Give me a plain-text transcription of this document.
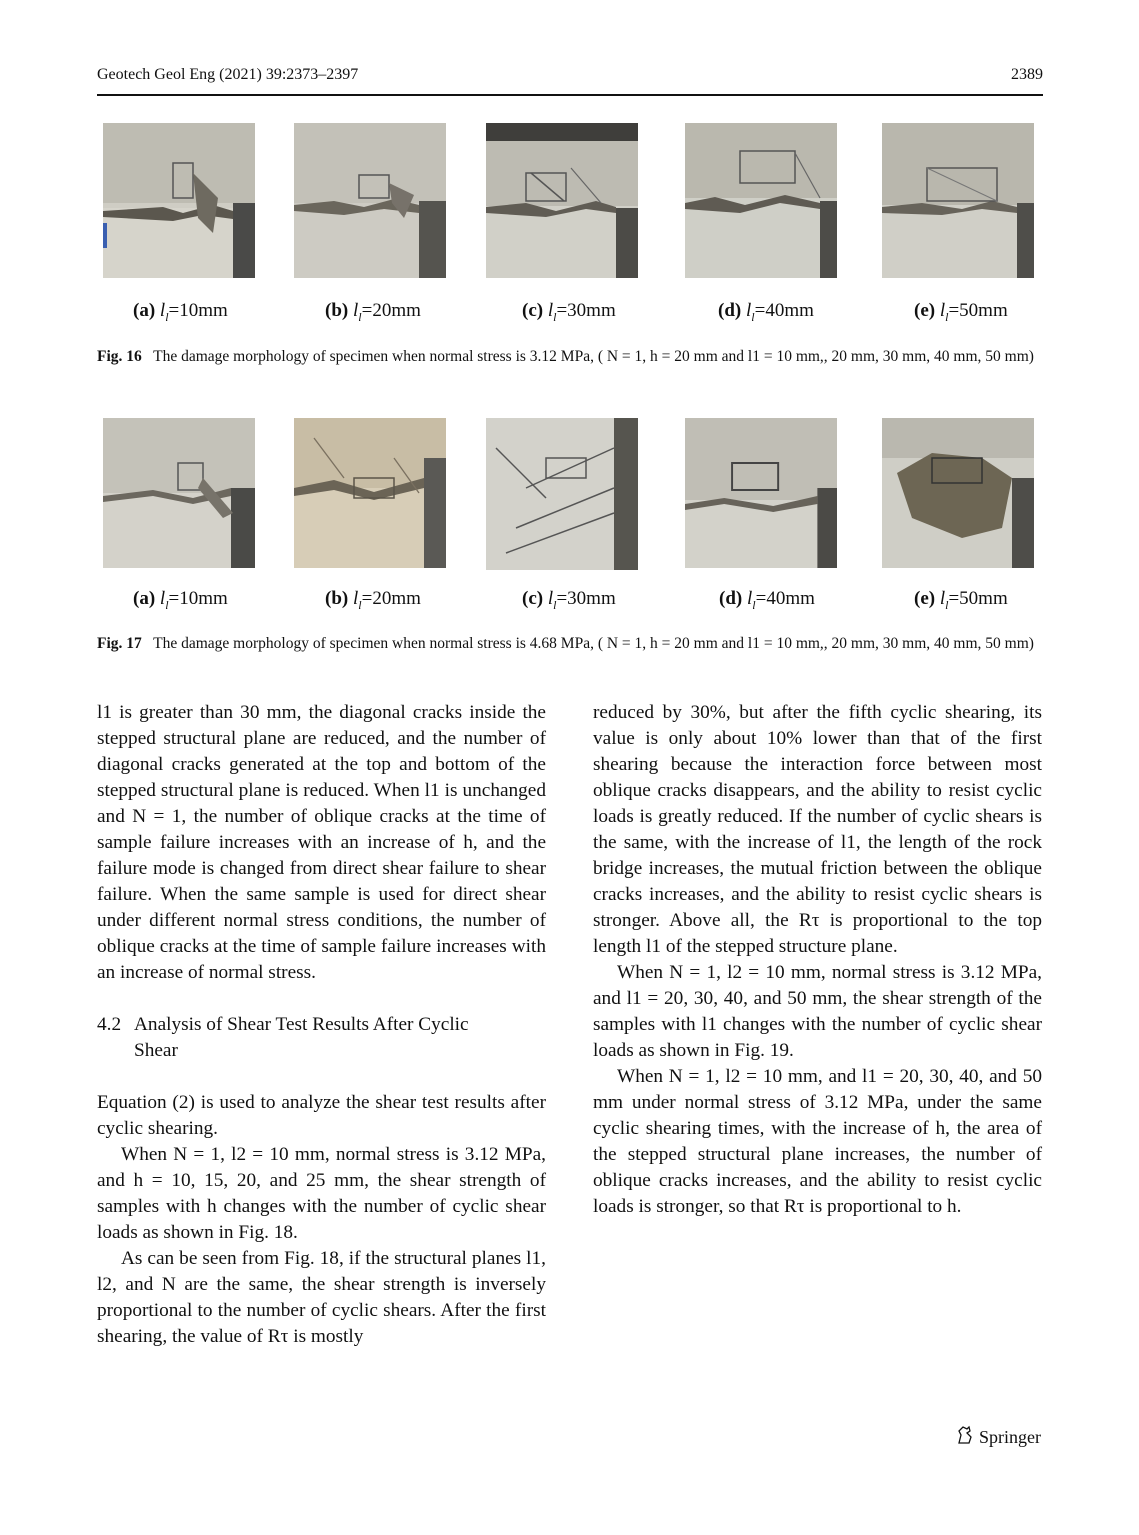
Geotech Geol Eng (2021) 39:2373–2397	2389
(a) $l_l=10mm$	(b) $l_l=20mm$	(c) $l_l=30mm$	(d) $l_l=40mm$	(e) $l_l=50mm$
Fig. 16 The damage morphology of specimen when normal stress is 3.12 MPa, ( N = 1, h = 20 mm and l1 = 10 mm,, 20 mm, 30 mm, 40 mm, 50 mm)
(a) $l_l=10mm$	(b) $l_l=20mm$	(c) $l_l=30mm$	(d) $l_l=40mm$	(e) $l_l=50mm$
Fig. 17 The damage morphology of specimen when normal stress is 4.68 MPa, ( N = 1, h = 20 mm and l1 = 10 mm,, 20 mm, 30 mm, 40 mm, 50 mm)

l1 is greater than 30 mm, the diagonal cracks inside the stepped structural plane are reduced, and the number of diagonal cracks generated at the top and bottom of the stepped structural plane is reduced. When l1 is unchanged and N = 1, the number of oblique cracks at the time of sample failure increases with an increase of h, and the failure mode is changed from direct shear failure to shear failure. When the same sample is used for direct shear under different normal stress conditions, the number of oblique cracks at the time of sample failure increases with an increase of normal stress.

4.2 Analysis of Shear Test Results After Cyclic
Shear

Equation (2) is used to analyze the shear test results after cyclic shearing.

When N = 1, l2 = 10 mm, normal stress is 3.12 MPa, and h = 10, 15, 20, and 25 mm, the shear strength of samples with h changes with the number of cyclic shear loads as shown in Fig. 18.

As can be seen from Fig. 18, if the structural planes l1, l2, and N are the same, the shear strength is inversely proportional to the number of cyclic shears. After the first shearing, the value of Rτ is mostly

reduced by 30%, but after the fifth cyclic shearing, its value is only about 10% lower than that of the first shearing because the interaction force between most oblique cracks disappears, and the ability to resist cyclic loads is greatly reduced. If the number of cyclic shears is the same, with the increase of l1, the length of the rock bridge increases, the mutual friction between the oblique cracks increases, and the ability to resist cyclic shears is stronger. Above all, the Rτ is proportional to the top length l1 of the stepped structure plane.

When N = 1, l2 = 10 mm, normal stress is 3.12 MPa, and l1 = 20, 30, 40, and 50 mm, the shear strength of the samples with l1 changes with the number of cyclic shear loads as shown in Fig. 19.

When N = 1, l2 = 10 mm, and l1 = 20, 30, 40, and 50 mm under normal stress of 3.12 MPa, under the same cyclic shearing times, with the increase of h, the area of the stepped structural plane increases, the number of oblique cracks increases, and the ability to resist cyclic loads is stronger, so that Rτ is proportional to h.

Springer
